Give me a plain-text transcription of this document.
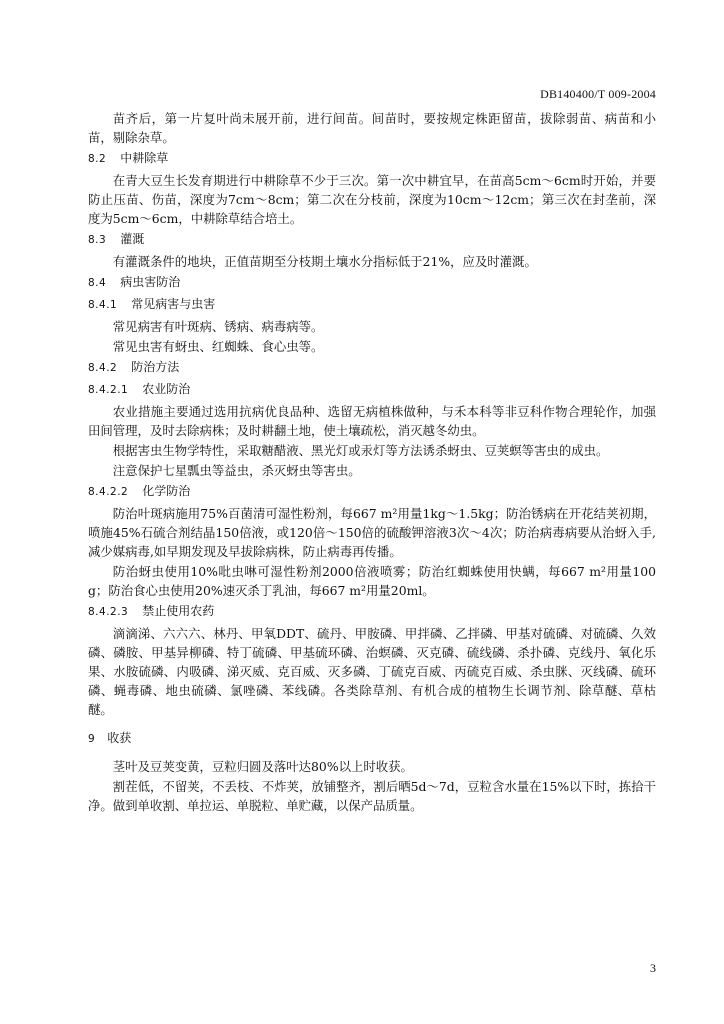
DB140400/T 009-2004

苗齐后，第一片复叶尚未展开前，进行间苗。间苗时，要按规定株距留苗，拔除弱苗、病苗和小苗，剔除杂草。

8.2 中耕除草

在青大豆生长发育期进行中耕除草不少于三次。第一次中耕宜早，在苗高5cm～6cm时开始，并要防止压苗、伤苗，深度为7cm～8cm；第二次在分枝前，深度为10cm～12cm；第三次在封垄前，深度为5cm～6cm，中耕除草结合培土。

8.3 灌溉

有灌溉条件的地块，正值苗期至分枝期土壤水分指标低于21%，应及时灌溉。

8.4 病虫害防治
8.4.1 常见病害与虫害

常见病害有叶斑病、锈病、病毒病等。

常见虫害有蚜虫、红蜘蛛、食心虫等。

8.4.2 防治方法
8.4.2.1 农业防治

农业措施主要通过选用抗病优良品种、选留无病植株做种，与禾本科等非豆科作物合理轮作，加强田间管理，及时去除病株；及时耕翻土地，使土壤疏松，消灭越冬幼虫。

根据害虫生物学特性，采取糖醋液、黑光灯或汞灯等方法诱杀蚜虫、豆荚螟等害虫的成虫。

注意保护七星瓢虫等益虫，杀灭蚜虫等害虫。

8.4.2.2 化学防治

防治叶斑病施用75%百菌清可湿性粉剂，每667 m²用量1kg～1.5kg；防治锈病在开花结荚初期，喷施45%石硫合剂结晶150倍液，或120倍～150倍的硫酸钾溶液3次～4次；防治病毒病要从治蚜入手,减少媒病毒,如早期发现及早拔除病株，防止病毒再传播。

防治蚜虫使用10%吡虫啉可湿性粉剂2000倍液喷雾；防治红蜘蛛使用快螨，每667 m²用量100 g；防治食心虫使用20%速灭杀丁乳油，每667 m²用量20ml。

8.4.2.3 禁止使用农药

滴滴涕、六六六、林丹、甲氧DDT、硫丹、甲胺磷、甲拌磷、乙拌磷、甲基对硫磷、对硫磷、久效磷、磷胺、甲基异柳磷、特丁硫磷、甲基硫环磷、治螟磷、灭克磷、硫线磷、杀扑磷、克线丹、氧化乐果、水胺硫磷、内吸磷、涕灭威、克百威、灭多磷、丁硫克百威、丙硫克百威、杀虫脒、灭线磷、硫环磷、蝇毒磷、地虫硫磷、氯唑磷、苯线磷。各类除草剂、有机合成的植物生长调节剂、除草醚、草枯醚。

9 收获

茎叶及豆荚变黄，豆粒归圆及落叶达80%以上时收获。

割茬低，不留荚，不丢枝、不炸荚，放铺整齐，割后晒5d～7d，豆粒含水量在15%以下时，拣拾干净。做到单收割、单拉运、单脱粒、单贮藏，以保产品质量。

3
